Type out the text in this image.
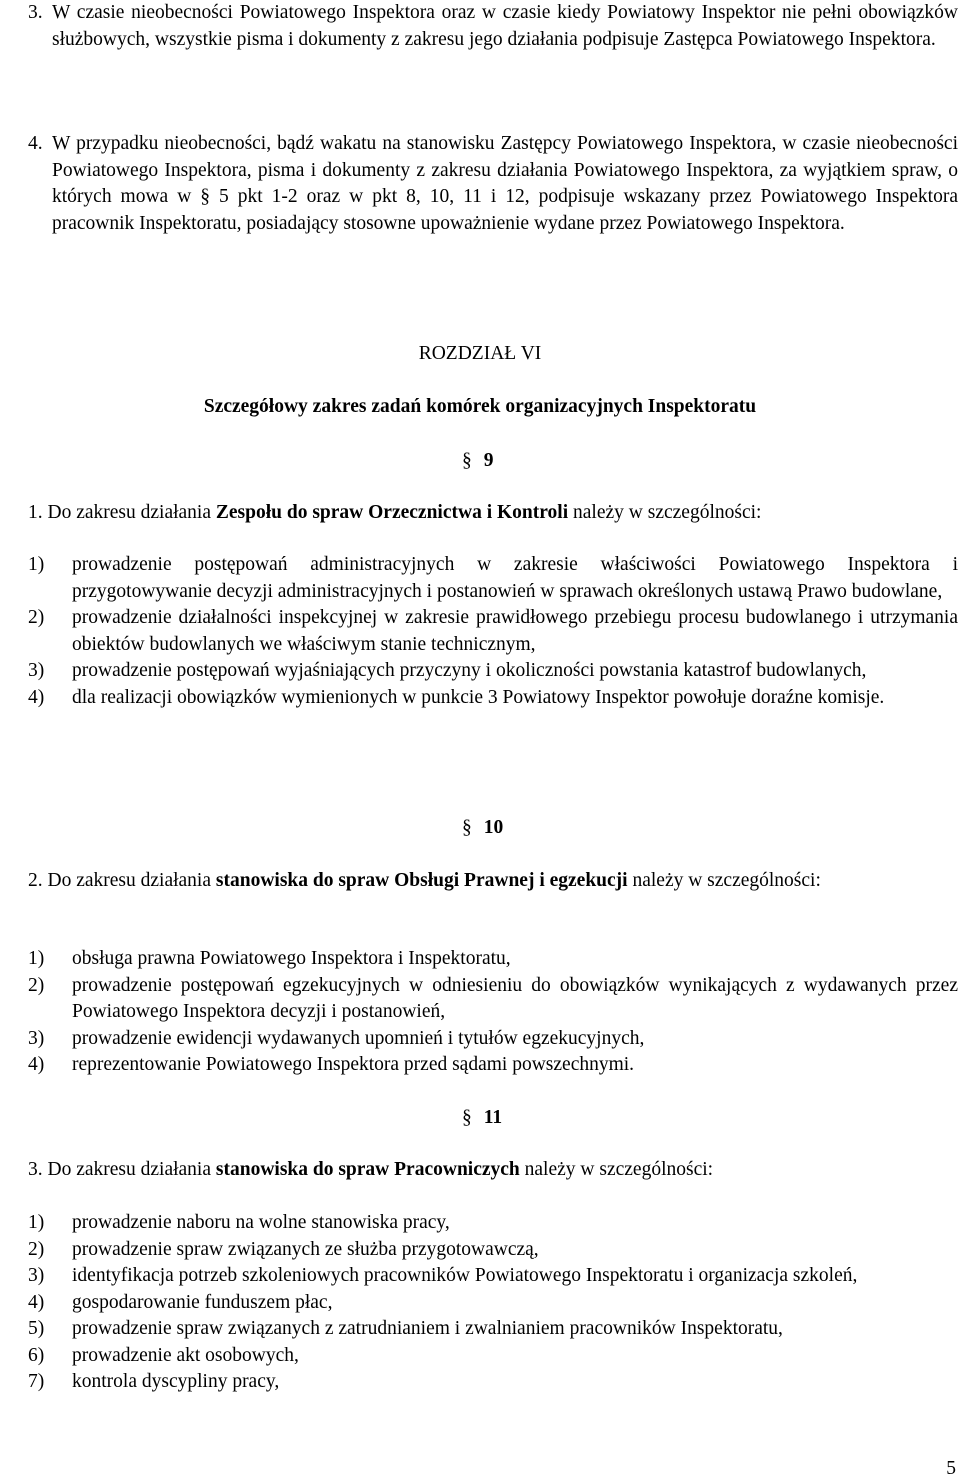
3. W czasie nieobecności Powiatowego Inspektora oraz w czasie kiedy Powiatowy Inspektor nie pełni obowiązków służbowych, wszystkie pisma i dokumenty z zakresu jego działania podpisuje Zastępca Powiatowego Inspektora.
4. W przypadku nieobecności, bądź wakatu na stanowisku Zastępcy Powiatowego Inspektora, w czasie nieobecności Powiatowego Inspektora, pisma i dokumenty z zakresu działania Powiatowego Inspektora, za wyjątkiem spraw, o których mowa w § 5 pkt 1-2 oraz w pkt 8, 10, 11 i 12, podpisuje wskazany przez Powiatowego Inspektora pracownik Inspektoratu, posiadający stosowne upoważnienie wydane przez Powiatowego Inspektora.
ROZDZIAŁ VI
Szczegółowy zakres zadań komórek organizacyjnych Inspektoratu
§ 9
1. Do zakresu działania Zespołu do spraw Orzecznictwa i Kontroli należy w szczególności:
1)	prowadzenie postępowań administracyjnych w zakresie właściwości Powiatowego Inspektora i przygotowywanie decyzji administracyjnych i postanowień w sprawach określonych ustawą Prawo budowlane,
2)	prowadzenie działalności inspekcyjnej w zakresie prawidłowego przebiegu procesu budowlanego i utrzymania obiektów budowlanych we właściwym stanie technicznym,
3)	prowadzenie postępowań wyjaśniających przyczyny i okoliczności powstania katastrof budowlanych,
4)	dla realizacji obowiązków wymienionych w punkcie 3 Powiatowy Inspektor powołuje doraźne komisje.
§ 10
2. Do zakresu działania stanowiska do spraw Obsługi Prawnej i egzekucji należy w szczególności:
1)	obsługa prawna Powiatowego Inspektora i Inspektoratu,
2)	prowadzenie postępowań egzekucyjnych w odniesieniu do obowiązków wynikających z wydawanych przez Powiatowego Inspektora decyzji i postanowień,
3)	prowadzenie ewidencji wydawanych upomnień i tytułów egzekucyjnych,
4)	reprezentowanie Powiatowego Inspektora przed sądami powszechnymi.
§ 11
3. Do zakresu działania stanowiska do spraw Pracowniczych należy w szczególności:
1)	prowadzenie naboru na wolne stanowiska pracy,
2)	prowadzenie spraw związanych ze służba przygotowawczą,
3)	identyfikacja potrzeb szkoleniowych pracowników Powiatowego Inspektoratu i organizacja szkoleń,
4)	gospodarowanie funduszem płac,
5)	prowadzenie spraw związanych z zatrudnianiem i zwalnianiem pracowników Inspektoratu,
6)	prowadzenie akt osobowych,
7)	kontrola dyscypliny pracy,
5
